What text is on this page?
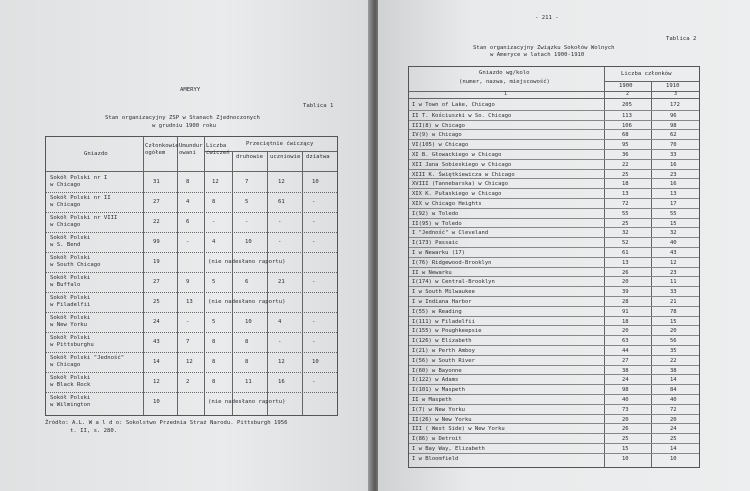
AMERYY
Tablica 1
Stan organizacyjny ZSP w Stanach Zjednoczonych
w grudniu 1900 roku
Gniazdo
Członkowie ogółem
Umundurowani
Liczba ćwiczeń
Przeciętnie ćwiczący
druhowie uczniowie dziatwa
Sokół Polski nr I
w Chicago	31	8	12	7	12	10
Sokół Polski nr II
w Chicago	27	4	8	5	61	-
Sokół Polski nr VIII
w Chicago	22	6	-	-	-	-
Sokół Polski
w S. Bend	99	-	4	10	-	-
Sokół Polski
w South Chicago	19	(nie nadesłano raportu)
Sokół Polski
w Buffalo	27	9	5	6	21	-
Sokół Polski
w Filadelfii	25	13	(nie nadesłano raportu)
Sokół Polski
w New Yorku	24	-	5	10	4	-
Sokół Polski
w Pittsburghu	43	7	8	8	-	-
Sokół Polski "Jedność"
w Chicago	14	12	8	8	12	10
Sokół Polski
w Black Rock	12	2	8	11	16	-
Sokół Polski
w Wilmington	10	(nie nadesłano raportu)
Źródło: A.L. W a l d o: Sokolstwo Przednia Straż Narodu. Pittsburgh 1956
t. II, s. 280.
- 211 -
Tablica 2
Stan organizacyjny Związku Sokołów Wolnych
w Ameryce w latach 1900-1910
Gniazdo wg/kolo
(numer, nazwa, miejscowość)
Liczba członków
1900	1910
1	2	3
I w Town of Lake, Chicago	205	172
II T. Kościuszki w So. Chicago	113	96
III(8) w Chicago	106	98
IV(9) w Chicago	68	62
VI(105) w Chicago	95	70
XI B. Głowackiego w Chicago	36	33
XII Jana Sobieskiego w Chicago	22	16
XIII K. Świętkiewicza w Chicago	25	23
XVIII (Tannebarska) w Chicago	18	16
XIX K. Pułaskiego w Chicago	13	13
XIX w Chicago Heights	72	17
I(92) w Toledo	55	55
II(95) w Toledo	25	15
I "Jedność" w Cleveland	32	32
I(173) Passaic	52	40
I w Newarku (17)	61	43
I(76) Ridgewood-Brooklyn	13	12
II w Newarku	26	23
I(174) w Central-Brooklyn	20	11
I w South Milwaukee	39	33
I w Indiana Harbor	28	21
I(55) w Reading	91	78
I(111) w Filadelfii	18	15
I(155) w Poughkeepsie	20	20
I(126) w Elizabeth	63	56
I(21) w Perth Amboy	44	35
I(56) w South River	27	22
I(60) w Bayonne	38	38
I(122) w Adams	24	14
I(101) w Maspeth	98	84
II w Maspeth	40	40
I(7) w New Yorku	73	72
II(26) w New Yorku	20	20
III ( West Side) w New Yorku	26	24
I(86) w Detroit	25	25
I w Bay Way, Elizabeth	15	14
I w Bloomfield	10	10
